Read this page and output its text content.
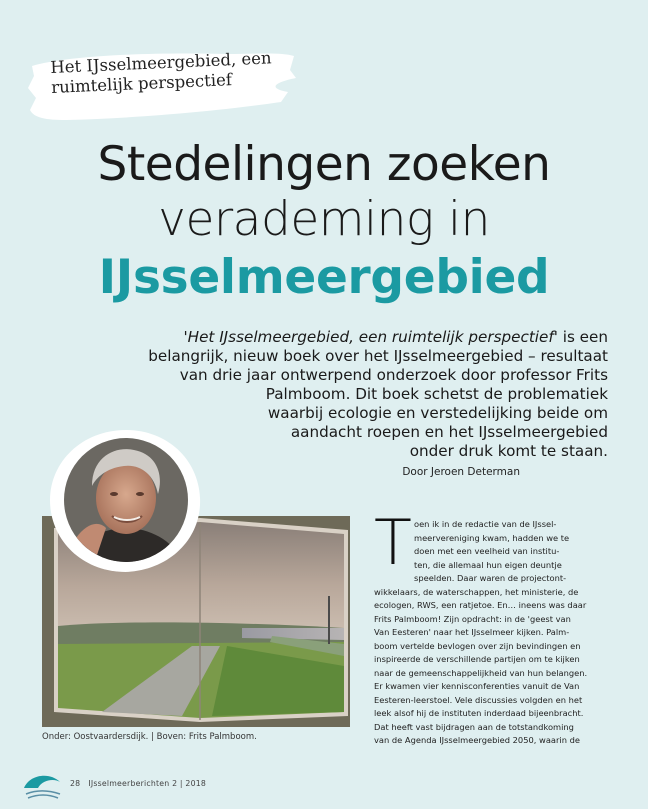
Het IJsselmeergebied, een
ruimtelijk perspectief
Stedelingen zoeken
verademing in
IJsselmeergebied
'Het IJsselmeergebied, een ruimtelijk perspectief' is een
belangrijk, nieuw boek over het IJsselmeergebied – resultaat
van drie jaar ontwerpend onderzoek door professor Frits
Palmboom. Dit boek schetst de problematiek
waarbij ecologie en verstedelijking beide om
aandacht roepen en het IJsselmeergebied
onder druk komt te staan.
Door Jeroen Determan
Onder: Oostvaardersdijk. | Boven: Frits Palmboom.
T oen ik in de redactie van de IJssel-
meervereniging kwam, hadden we te
doen met een veelheid van institu-
ten, die allemaal hun eigen deuntje
speelden. Daar waren de projectont-
wikkelaars, de waterschappen, het ministerie, de
ecologen, RWS, een ratjetoe. En… ineens was daar
Frits Palmboom! Zijn opdracht: in de 'geest van
Van Eesteren' naar het IJsselmeer kijken. Palm-
boom vertelde bevlogen over zijn bevindingen en
inspireerde de verschillende partijen om te kijken
naar de gemeenschappelijkheid van hun belangen.
Er kwamen vier kennisconferenties vanuit de Van
Eesteren-leerstoel. Vele discussies volgden en het
leek alsof hij de instituten inderdaad bijeenbracht.
Dat heeft vast bijdragen aan de totstandkoming
van de Agenda IJsselmeergebied 2050, waarin de
28 IJsselmeerberichten 2 | 2018
